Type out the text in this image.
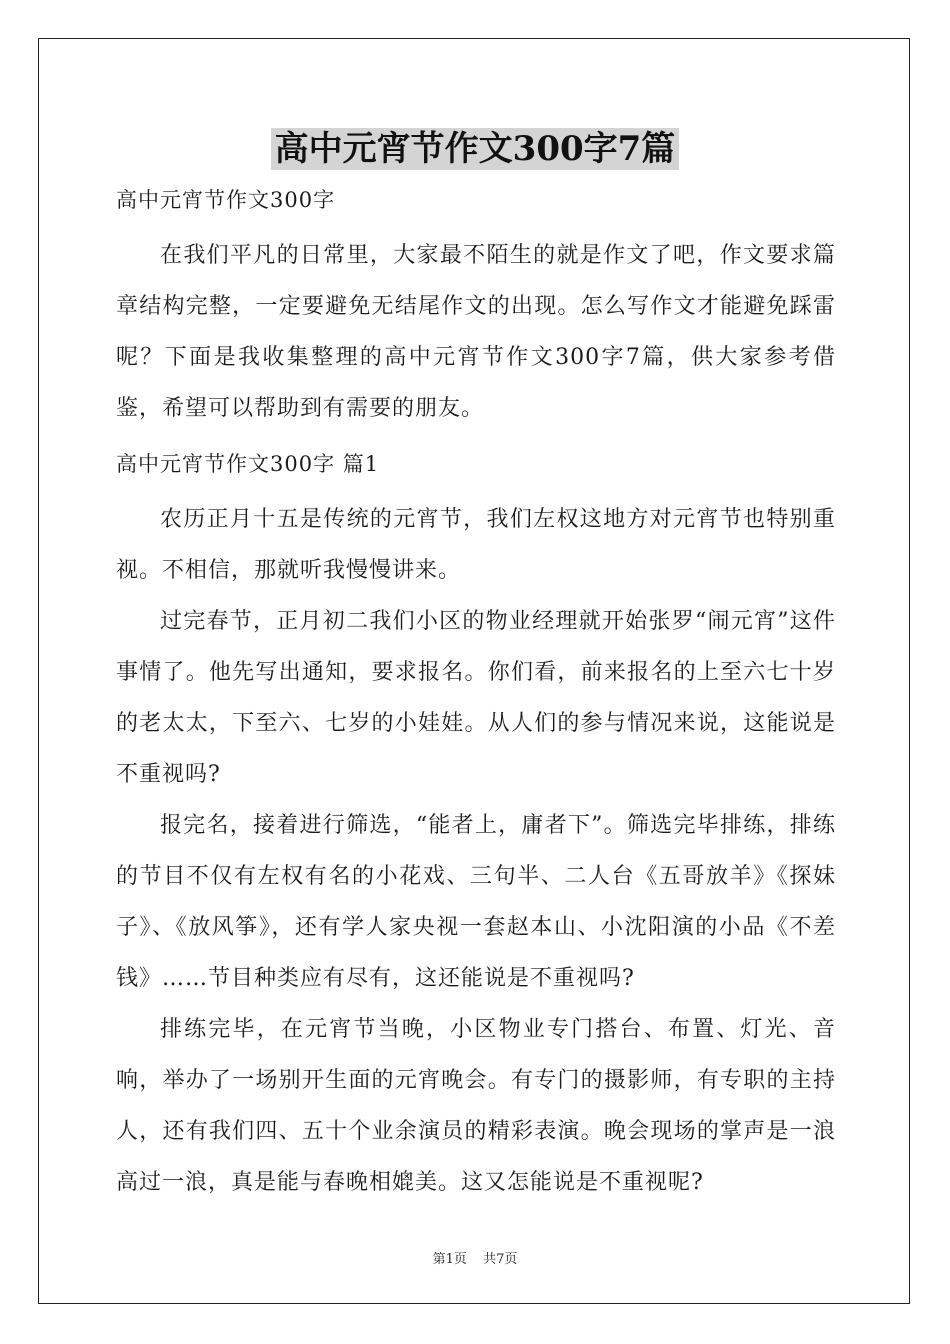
高中元宵节作文300字7篇
高中元宵节作文300字

在我们平凡的日常里，大家最不陌生的就是作文了吧，作文要求篇章结构完整，一定要避免无结尾作文的出现。怎么写作文才能避免踩雷呢？下面是我收集整理的高中元宵节作文300字7篇，供大家参考借鉴，希望可以帮助到有需要的朋友。

高中元宵节作文300字 篇1

农历正月十五是传统的元宵节，我们左权这地方对元宵节也特别重视。不相信，那就听我慢慢讲来。

过完春节，正月初二我们小区的物业经理就开始张罗“闹元宵”这件事情了。他先写出通知，要求报名。你们看，前来报名的上至六七十岁的老太太，下至六、七岁的小娃娃。从人们的参与情况来说，这能说是不重视吗?

报完名，接着进行筛选，“能者上，庸者下”。筛选完毕排练，排练的节目不仅有左权有名的小花戏、三句半、二人台《五哥放羊》《探妹子》、《放风筝》，还有学人家央视一套赵本山、小沈阳演的小品《不差钱》……节目种类应有尽有，这还能说是不重视吗?

排练完毕，在元宵节当晚，小区物业专门搭台、布置、灯光、音响，举办了一场别开生面的元宵晚会。有专门的摄影师，有专职的主持人，还有我们四、五十个业余演员的精彩表演。晚会现场的掌声是一浪高过一浪，真是能与春晚相媲美。这又怎能说是不重视呢?

第1页 共7页
